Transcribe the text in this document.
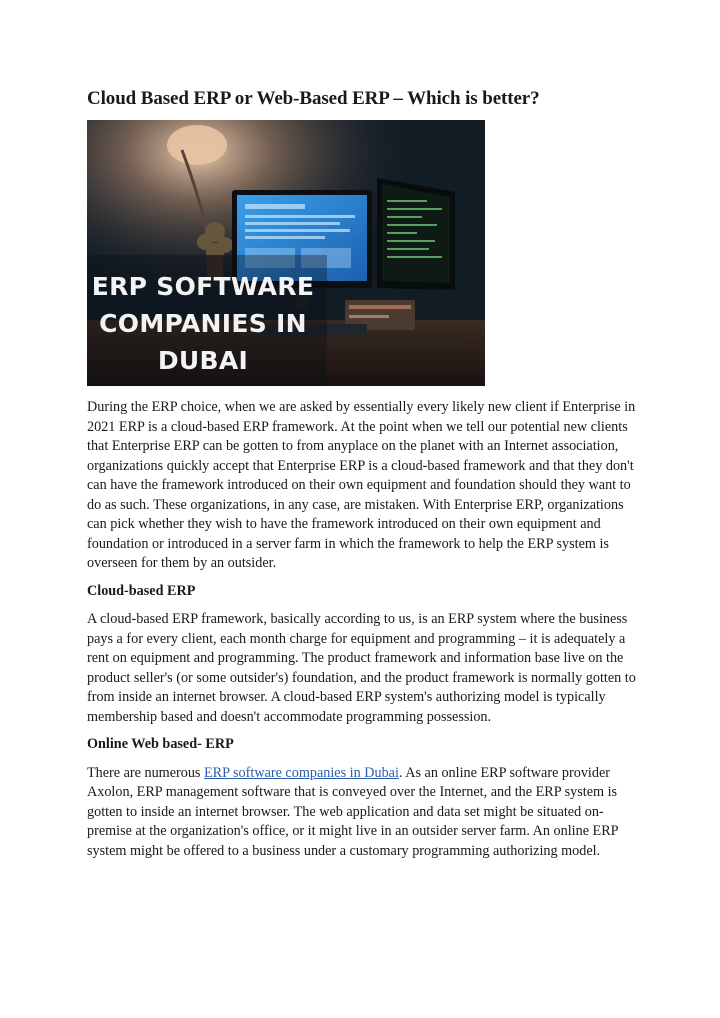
Cloud Based ERP or Web-Based ERP – Which is better?
ERP SOFTWARE
COMPANIES IN
DUBAI

During the ERP choice, when we are asked by essentially every likely new client if Enterprise in 2021 ERP is a cloud-based ERP framework. At the point when we tell our potential new clients that Enterprise ERP can be gotten to from anyplace on the planet with an Internet association, organizations quickly accept that Enterprise ERP is a cloud-based framework and that they don't can have the framework introduced on their own equipment and foundation should they want to do as such. These organizations, in any case, are mistaken. With Enterprise ERP, organizations can pick whether they wish to have the framework introduced on their own equipment and foundation or introduced in a server farm in which the framework to help the ERP system is overseen for them by an outsider.

Cloud-based ERP

A cloud-based ERP framework, basically according to us, is an ERP system where the business pays a for every client, each month charge for equipment and programming – it is adequately a rent on equipment and programming. The product framework and information base live on the product seller's (or some outsider's) foundation, and the product framework is normally gotten to from inside an internet browser. A cloud-based ERP system's authorizing model is typically membership based and doesn't accommodate programming possession.

Online Web based- ERP

There are numerous ERP software companies in Dubai. As an online ERP software provider Axolon, ERP management software that is conveyed over the Internet, and the ERP system is gotten to inside an internet browser. The web application and data set might be situated on-premise at the organization's office, or it might live in an outsider server farm. An online ERP system might be offered to a business under a customary programming authorizing model.
